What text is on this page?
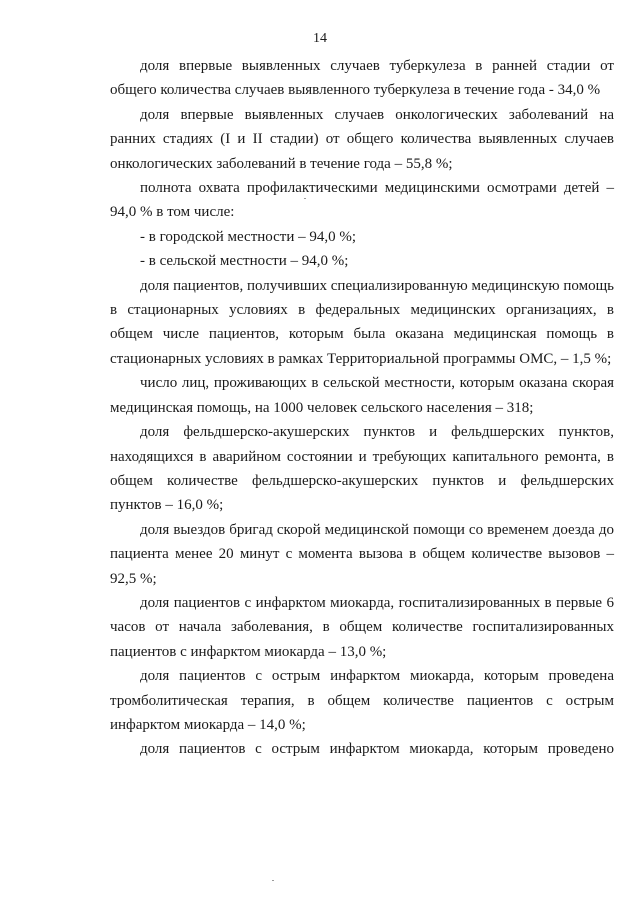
14

доля впервые выявленных случаев туберкулеза в ранней стадии от общего количества случаев выявленного туберкулеза в течение года - 34,0 %

доля впервые выявленных случаев онкологических заболеваний на ранних стадиях (I и II стадии) от общего количества выявленных случаев онкологических заболеваний в течение года – 55,8 %;

полнота охвата профилактическими медицинскими осмотрами детей – 94,0 % в том числе:

- в городской местности – 94,0 %;

- в сельской местности – 94,0 %;

доля пациентов, получивших специализированную медицинскую помощь в стационарных условиях в федеральных медицинских организациях, в общем числе пациентов, которым была оказана медицинская помощь в стационарных условиях в рамках Территориальной программы ОМС, – 1,5 %;

число лиц, проживающих в сельской местности, которым оказана скорая медицинская помощь, на 1000 человек сельского населения – 318;

доля фельдшерско-акушерских пунктов и фельдшерских пунктов, находящихся в аварийном состоянии и требующих капитального ремонта, в общем количестве фельдшерско-акушерских пунктов и фельдшерских пунктов – 16,0 %;

доля выездов бригад скорой медицинской помощи со временем доезда до пациента менее 20 минут с момента вызова в общем количестве вызовов – 92,5 %;

доля пациентов с инфарктом миокарда, госпитализированных в первые 6 часов от начала заболевания, в общем количестве госпитализированных пациентов с инфарктом миокарда – 13,0 %;

доля пациентов с острым инфарктом миокарда, которым проведена тромболитическая терапия, в общем количестве пациентов с острым инфарктом миокарда – 14,0 %;

доля пациентов с острым инфарктом миокарда, которым проведено
